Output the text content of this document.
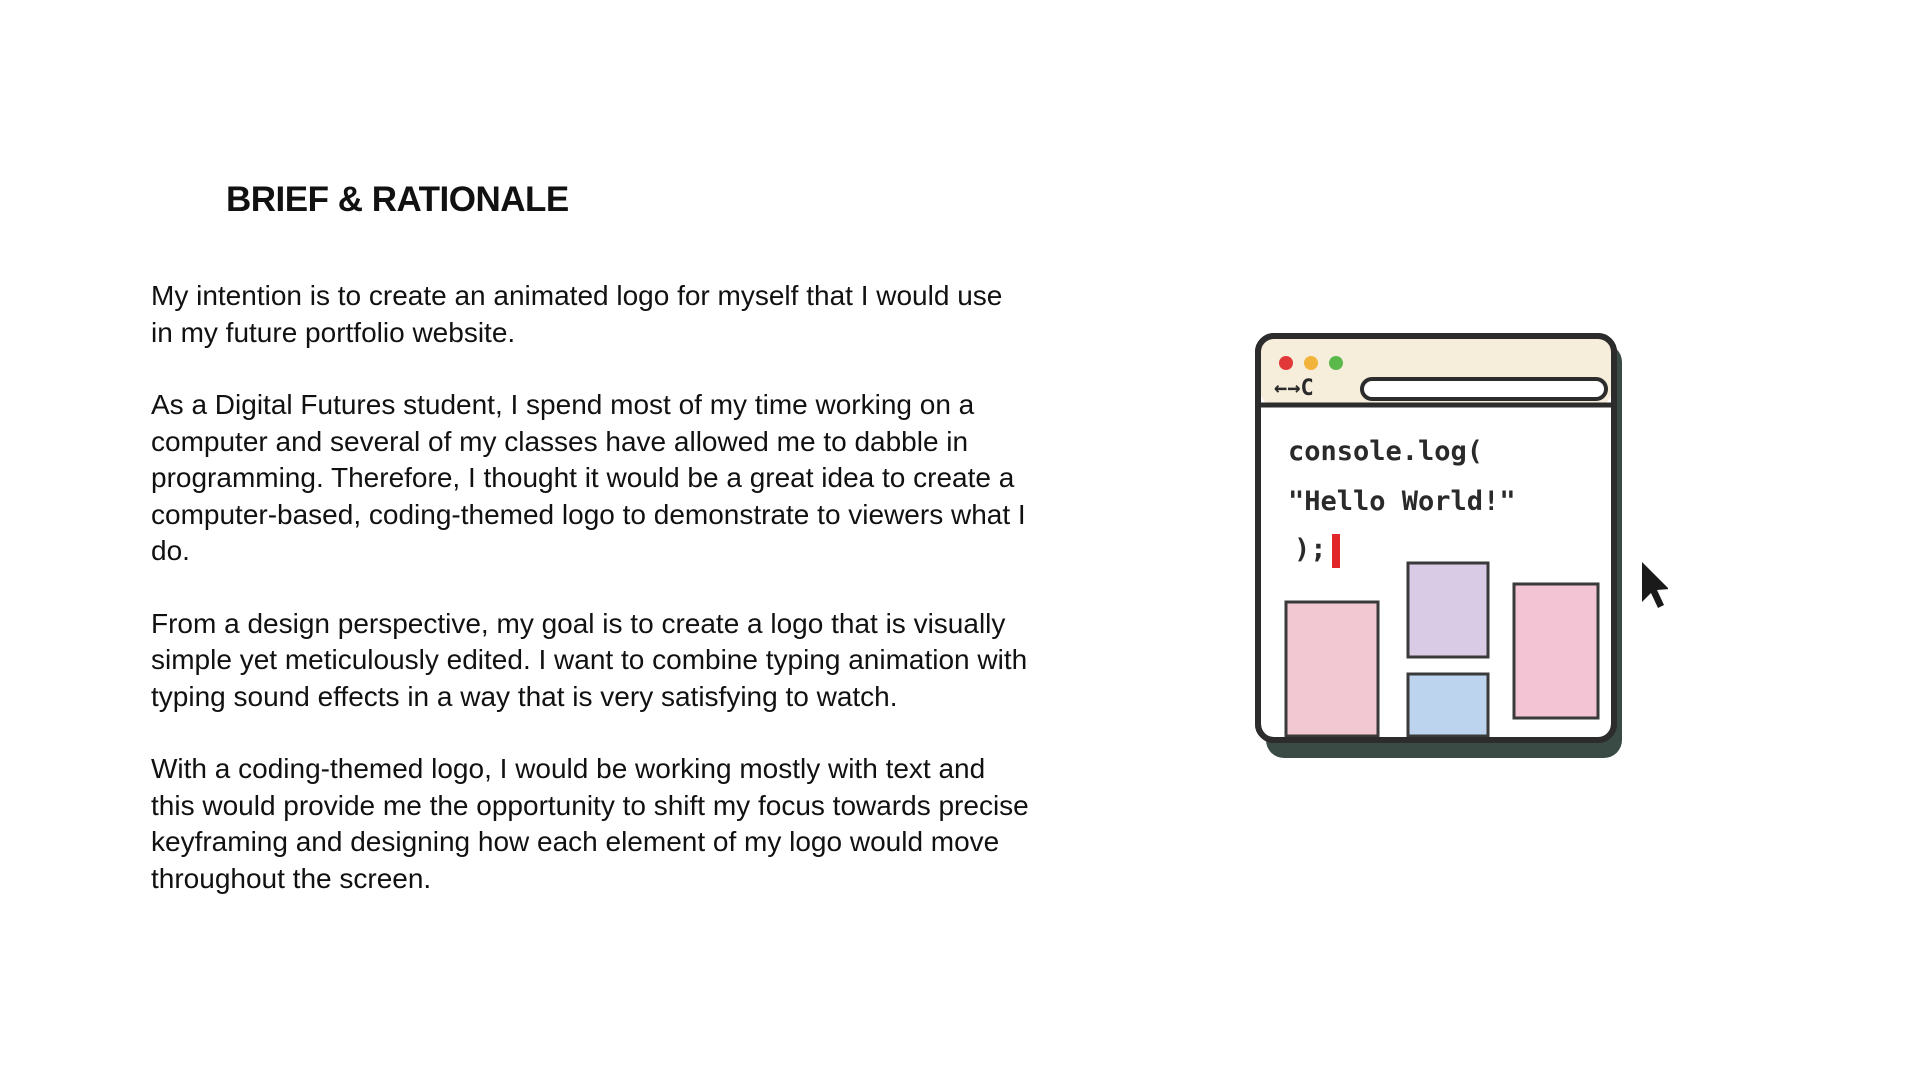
BRIEF & RATIONALE

My intention is to create an animated logo for myself that I would use in my future portfolio website.

As a Digital Futures student, I spend most of my time working on a computer and several of my classes have allowed me to dabble in programming. Therefore, I thought it would be a great idea to create a computer-based, coding-themed logo to demonstrate to viewers what I do.

From a design perspective, my goal is to create a logo that is visually simple yet meticulously edited. I want to combine typing animation with typing sound effects in a way that is very satisfying to watch.

With a coding-themed logo, I would be working mostly with text and this would provide me the opportunity to shift my focus towards precise keyframing and designing how each element of my logo would move throughout the screen.

←→C
console.log(
"Hello World!"
);
